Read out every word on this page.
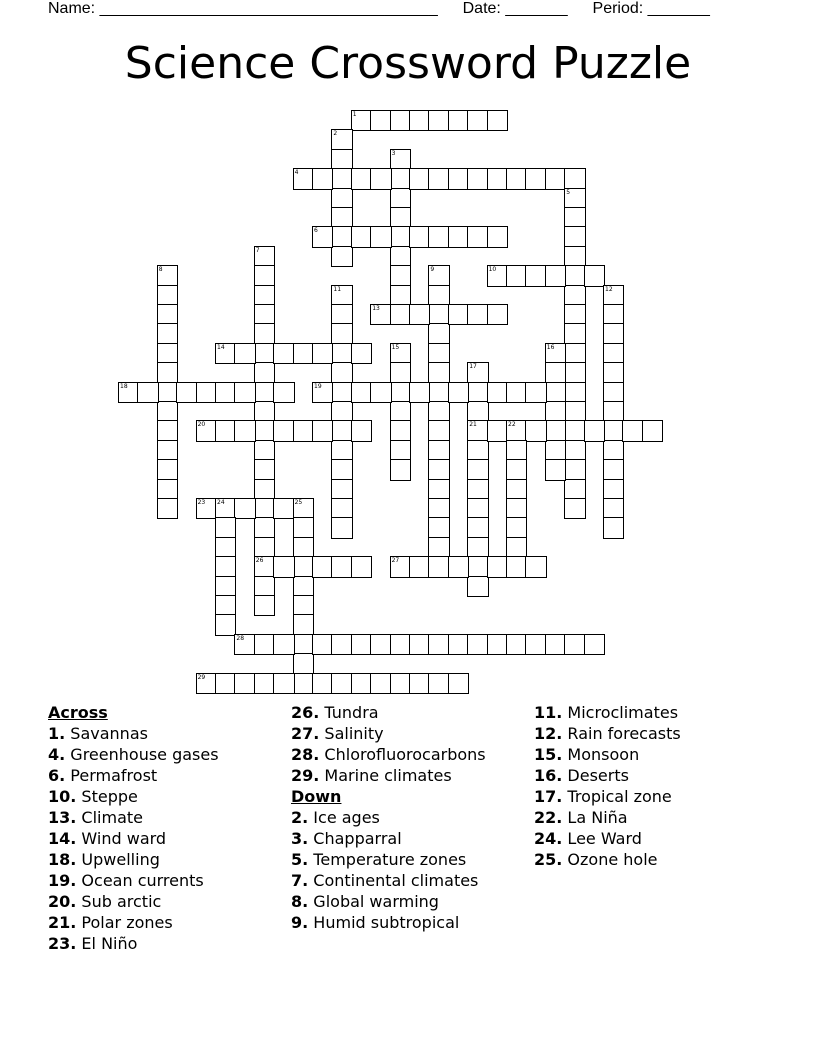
Name: ______________________________________ Date: _______ Period: _______
Science Crossword Puzzle
1
2
3
4
5
6
7
8	9	10
11	12
13
14	15	16
17
18	19
20	21	22
23 24	25
26	27
28
29
Across
1. Savannas
4. Greenhouse gases
6. Permafrost
10. Steppe
13. Climate
14. Wind ward
18. Upwelling
19. Ocean currents
20. Sub arctic
21. Polar zones
23. El Niño
26. Tundra
27. Salinity
28. Chlorofluorocarbons
29. Marine climates
Down
2. Ice ages
3. Chapparral
5. Temperature zones
7. Continental climates
8. Global warming
9. Humid subtropical
11. Microclimates
12. Rain forecasts
15. Monsoon
16. Deserts
17. Tropical zone
22. La Niña
24. Lee Ward
25. Ozone hole
